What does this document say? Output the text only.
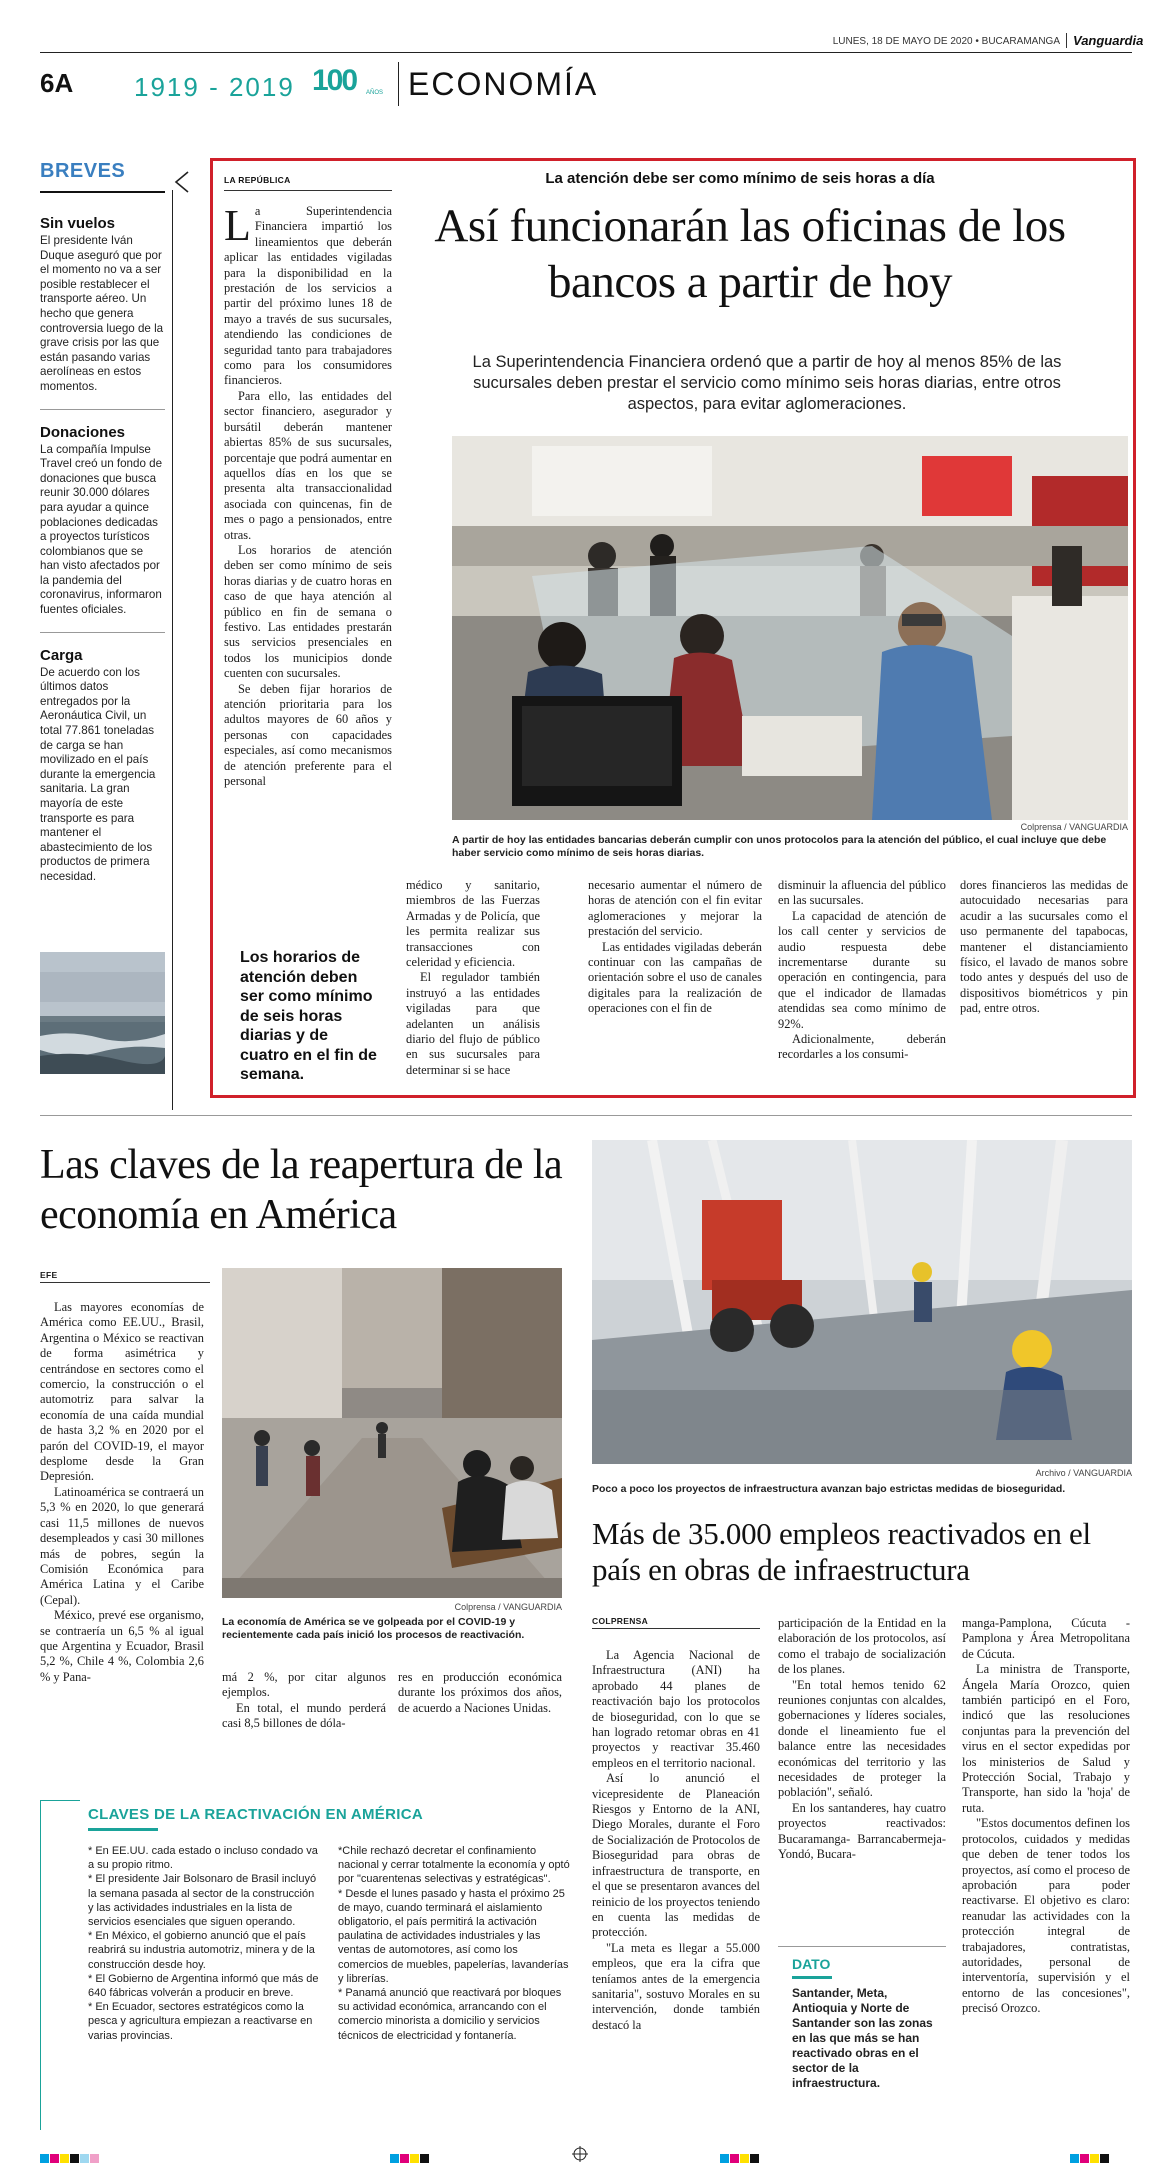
LUNES, 18 DE MAYO DE 2020 • BUCARAMANGA	Vanguardia
6A 1919 - 2019 100 AÑOS ECONOMÍA
BREVES
Sin vuelos
El presidente Iván Duque aseguró que por el momento no va a ser posible restablecer el transporte aéreo. Un hecho que genera controversia luego de la grave crisis por las que están pasando varias aerolíneas en estos momentos.
Donaciones
La compañía Impulse Travel creó un fondo de donaciones que busca reunir 30.000 dólares para ayudar a quince poblaciones dedicadas a proyectos turísticos colombianos que se han visto afectados por la pandemia del coronavirus, informaron fuentes oficiales.
Carga
De acuerdo con los últimos datos entregados por la Aeronáutica Civil, un total 77.861 toneladas de carga se han movilizado en el país durante la emergencia sanitaria. La gran mayoría de este transporte es para mantener el abastecimiento de los productos de primera necesidad.
LA REPÚBLICA	La atención debe ser como mínimo de seis horas a día
Así funcionarán las oficinas de los bancos a partir de hoy
La Superintendencia Financiera ordenó que a partir de hoy al menos 85% de las sucursales deben prestar el servicio como mínimo seis horas diarias, entre otros aspectos, para evitar aglomeraciones.

La Superintendencia Financiera impartió los lineamientos que deberán aplicar las entidades vigiladas para la disponibilidad en la prestación de los servicios a partir del próximo lunes 18 de mayo a través de sus sucursales, atendiendo las condiciones de seguridad tanto para trabajadores como para los consumidores financieros.

Para ello, las entidades del sector financiero, asegurador y bursátil deberán mantener abiertas 85% de sus sucursales, porcentaje que podrá aumentar en aquellos días en los que se presenta alta transaccionalidad asociada con quincenas, fin de mes o pago a pensionados, entre otras.

Los horarios de atención deben ser como mínimo de seis horas diarias y de cuatro horas en caso de que haya atención al público en fin de semana o festivo. Las entidades prestarán sus servicios presenciales en todos los municipios donde cuenten con sucursales.

Se deben fijar horarios de atención prioritaria para los adultos mayores de 60 años y personas con capacidades especiales, así como mecanismos de atención preferente para el personal

Colprensa / VANGUARDIA
A partir de hoy las entidades bancarias deberán cumplir con unos protocolos para la atención del público, el cual incluye que debe haber servicio como mínimo de seis horas diarias.

médico y sanitario, miembros de las Fuerzas Armadas y de Policía, que les permita realizar sus transacciones con celeridad y eficiencia.

El regulador también instruyó a las entidades vigiladas para que adelanten un análisis diario del flujo de público en sus sucursales para determinar si se hace

necesario aumentar el número de horas de atención con el fin evitar aglomeraciones y mejorar la prestación del servicio.

Las entidades vigiladas deberán continuar con las campañas de orientación sobre el uso de canales digitales para la realización de operaciones con el fin de

disminuir la afluencia del público en las sucursales.

La capacidad de atención de los call center y servicios de audio respuesta debe incrementarse durante su operación en contingencia, para que el indicador de llamadas atendidas sea como mínimo de 92%.

Adicionalmente, deberán recordarles a los consumi-

dores financieros las medidas de autocuidado necesarias para acudir a las sucursales como el uso permanente del tapabocas, mantener el distanciamiento físico, el lavado de manos sobre todo antes y después del uso de dispositivos biométricos y pin pad, entre otros.

Los horarios de atención deben ser como mínimo de seis horas diarias y de cuatro en el fin de semana.
Las claves de la reapertura de la economía en América
EFE

Las mayores economías de América como EE.UU., Brasil, Argentina o México se reactivan de forma asimétrica y centrándose en sectores como el comercio, la construcción o el automotriz para salvar la economía de una caída mundial de hasta 3,2 % en 2020 por el parón del COVID-19, el mayor desplome desde la Gran Depresión.

Latinoamérica se contraerá un 5,3 % en 2020, lo que generará casi 11,5 millones de nuevos desempleados y casi 30 millones más de pobres, según la Comisión Económica para América Latina y el Caribe (Cepal).

México, prevé ese organismo, se contraería un 6,5 % al igual que Argentina y Ecuador, Brasil 5,2 %, Chile 4 %, Colombia 2,6 % y Pana-

Colprensa / VANGUARDIA
La economía de América se ve golpeada por el COVID-19 y recientemente cada país inició los procesos de reactivación.

má 2 %, por citar algunos ejemplos.

En total, el mundo perderá casi 8,5 billones de dóla-

res en producción económica durante los próximos dos años, de acuerdo a Naciones Unidas.

CLAVES DE LA REACTIVACIÓN EN AMÉRICA
* En EE.UU. cada estado o incluso condado va a su propio ritmo.
* El presidente Jair Bolsonaro de Brasil incluyó la semana pasada al sector de la construcción y las actividades industriales en la lista de servicios esenciales que siguen operando.
* En México, el gobierno anunció que el país reabrirá su industria automotriz, minera y de la construcción desde hoy.
* El Gobierno de Argentina informó que más de 640 fábricas volverán a producir en breve.
* En Ecuador, sectores estratégicos como la pesca y agricultura empiezan a reactivarse en varias provincias.
*Chile rechazó decretar el confinamiento nacional y cerrar totalmente la economía y optó por "cuarentenas selectivas y estratégicas".
* Desde el lunes pasado y hasta el próximo 25 de mayo, cuando terminará el aislamiento obligatorio, el país permitirá la activación paulatina de actividades industriales y las ventas de automotores, así como los comercios de muebles, papelerías, lavanderías y librerías.
* Panamá anunció que reactivará por bloques su actividad económica, arrancando con el comercio minorista a domicilio y servicios técnicos de electricidad y fontanería.
Archivo / VANGUARDIA
Poco a poco los proyectos de infraestructura avanzan bajo estrictas medidas de bioseguridad.
Más de 35.000 empleos reactivados en el país en obras de infraestructura
COLPRENSA

La Agencia Nacional de Infraestructura (ANI) ha aprobado 44 planes de reactivación bajo los protocolos de bioseguridad, con lo que se han logrado retomar obras en 41 proyectos y reactivar 35.460 empleos en el territorio nacional.

Así lo anunció el vicepresidente de Planeación Riesgos y Entorno de la ANI, Diego Morales, durante el Foro de Socialización de Protocolos de Bioseguridad para obras de infraestructura de transporte, en el que se presentaron avances del reinicio de los proyectos teniendo en cuenta las medidas de protección.

"La meta es llegar a 55.000 empleos, que era la cifra que teníamos antes de la emergencia sanitaria", sostuvo Morales en su intervención, donde también destacó la

participación de la Entidad en la elaboración de los protocolos, así como el trabajo de socialización de los planes.

"En total hemos tenido 62 reuniones conjuntas con alcaldes, gobernaciones y líderes sociales, donde el lineamiento fue el balance entre las necesidades económicas del territorio y las necesidades de proteger la población", señaló.

En los santanderes, hay cuatro proyectos reactivados: Bucaramanga- Barrancabermeja- Yondó, Bucara-

DATO
Santander, Meta, Antioquia y Norte de Santander son las zonas en las que más se han reactivado obras en el sector de la infraestructura.

manga-Pamplona, Cúcuta - Pamplona y Área Metropolitana de Cúcuta.

La ministra de Transporte, Ángela María Orozco, quien también participó en el Foro, indicó que las resoluciones conjuntas para la prevención del virus en el sector expedidas por los ministerios de Salud y Protección Social, Trabajo y Transporte, han sido la 'hoja' de ruta.

"Estos documentos definen los protocolos, cuidados y medidas que deben de tener todos los proyectos, así como el proceso de aprobación para poder reactivarse. El objetivo es claro: reanudar las actividades con la protección integral de trabajadores, contratistas, autoridades, personal de interventoría, supervisión y el entorno de las concesiones", precisó Orozco.
